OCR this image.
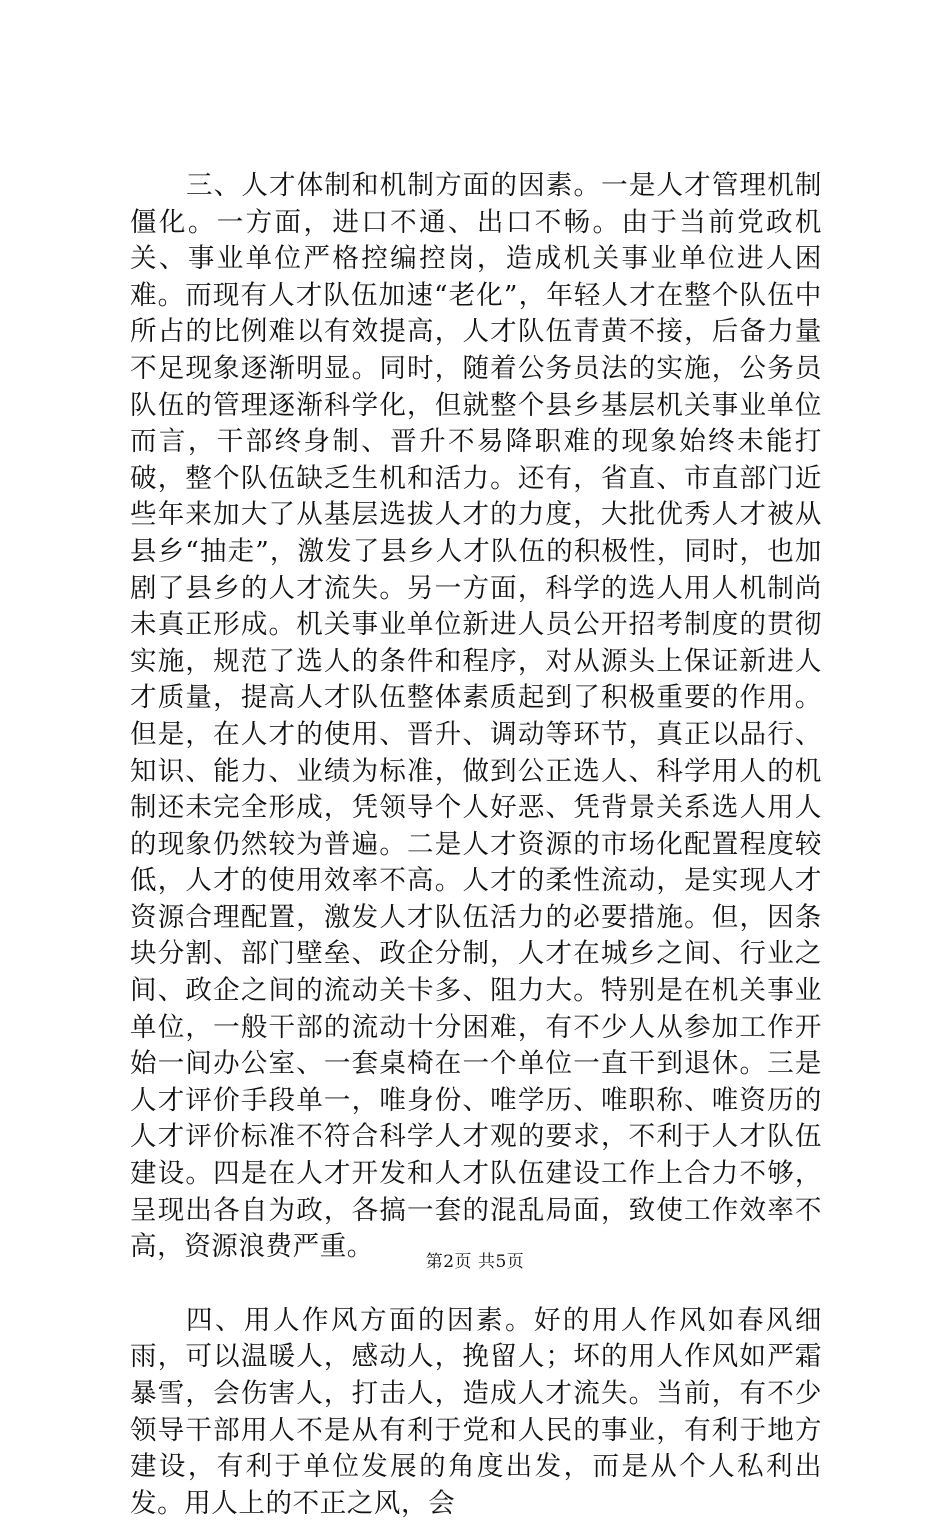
三、人才体制和机制方面的因素。一是人才管理机制僵化。一方面，进口不通、出口不畅。由于当前党政机关、事业单位严格控编控岗，造成机关事业单位进人困难。而现有人才队伍加速“老化”，年轻人才在整个队伍中所占的比例难以有效提高，人才队伍青黄不接，后备力量不足现象逐渐明显。同时，随着公务员法的实施，公务员队伍的管理逐渐科学化，但就整个县乡基层机关事业单位而言，干部终身制、晋升不易降职难的现象始终未能打破，整个队伍缺乏生机和活力。还有，省直、市直部门近些年来加大了从基层选拔人才的力度，大批优秀人才被从县乡“抽走”，激发了县乡人才队伍的积极性，同时，也加剧了县乡的人才流失。另一方面，科学的选人用人机制尚未真正形成。机关事业单位新进人员公开招考制度的贯彻实施，规范了选人的条件和程序，对从源头上保证新进人才质量，提高人才队伍整体素质起到了积极重要的作用。但是，在人才的使用、晋升、调动等环节，真正以品行、知识、能力、业绩为标准，做到公正选人、科学用人的机制还未完全形成，凭领导个人好恶、凭背景关系选人用人的现象仍然较为普遍。二是人才资源的市场化配置程度较低，人才的使用效率不高。人才的柔性流动，是实现人才资源合理配置，激发人才队伍活力的必要措施。但，因条块分割、部门壁垒、政企分制，人才在城乡之间、行业之间、政企之间的流动关卡多、阻力大。特别是在机关事业单位，一般干部的流动十分困难，有不少人从参加工作开始一间办公室、一套桌椅在一个单位一直干到退休。三是人才评价手段单一，唯身份、唯学历、唯职称、唯资历的人才评价标准不符合科学人才观的要求，不利于人才队伍建设。四是在人才开发和人才队伍建设工作上合力不够，呈现出各自为政，各搞一套的混乱局面，致使工作效率不高，资源浪费严重。

四、用人作风方面的因素。好的用人作风如春风细雨，可以温暖人，感动人，挽留人；坏的用人作风如严霜暴雪，会伤害人，打击人，造成人才流失。当前，有不少领导干部用人不是从有利于党和人民的事业，有利于地方建设，有利于单位发展的角度出发，而是从个人私利出发。用人上的不正之风，会

第2页 共5页
